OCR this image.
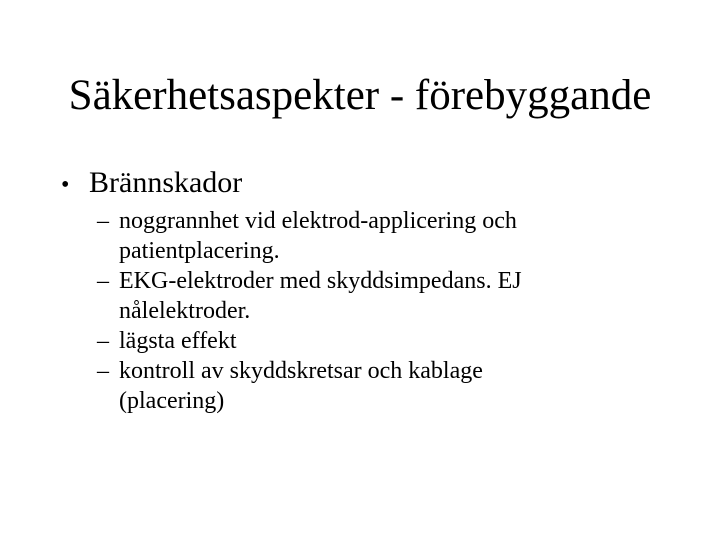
Säkerhetsaspekter - förebyggande
• Brännskador
– noggrannhet vid elektrod-applicering och
patientplacering.
– EKG-elektroder med skyddsimpedans. EJ
nålelektroder.
– lägsta effekt
– kontroll av skyddskretsar och kablage
(placering)
